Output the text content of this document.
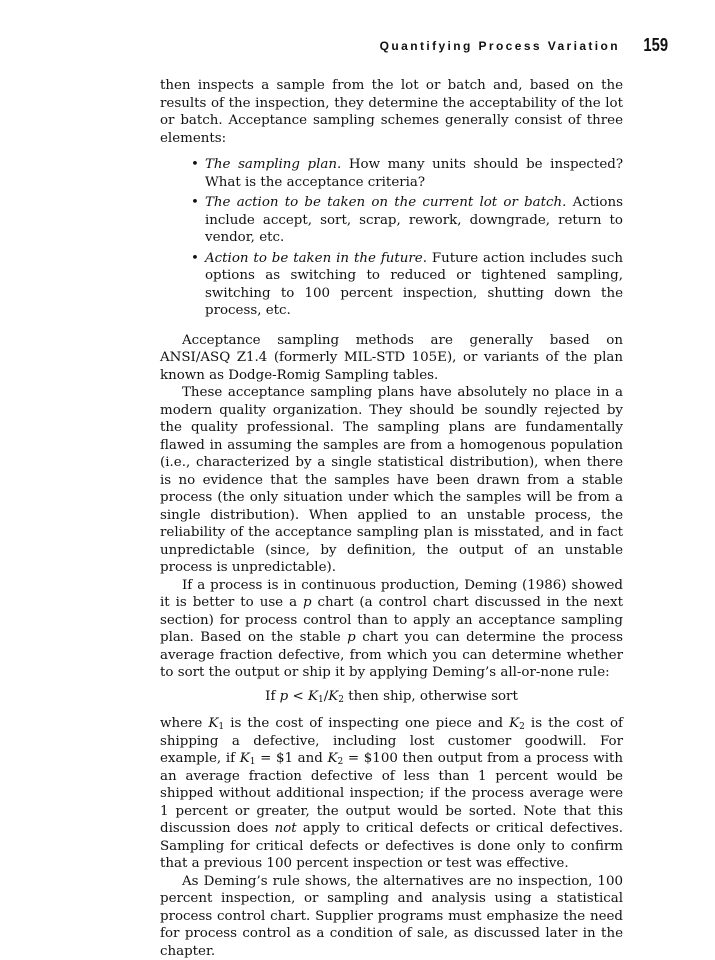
Quantifying Process Variation 159

then inspects a sample from the lot or batch and, based on the results of the inspection, they determine the acceptability of the lot or batch. Acceptance sampling schemes generally consist of three elements:

• The sampling plan. How many units should be inspected? What is the acceptance criteria?
• The action to be taken on the current lot or batch. Actions include accept, sort, scrap, rework, downgrade, return to vendor, etc.
• Action to be taken in the future. Future action includes such options as switching to reduced or tightened sampling, switching to 100 percent inspection, shutting down the process, etc.

Acceptance sampling methods are generally based on ANSI/ASQ Z1.4 (formerly MIL-STD 105E), or variants of the plan known as Dodge-Romig Sampling tables.

These acceptance sampling plans have absolutely no place in a modern quality organization. They should be soundly rejected by the quality professional. The sampling plans are fundamentally flawed in assuming the samples are from a homogenous population (i.e., characterized by a single statistical distribution), when there is no evidence that the samples have been drawn from a stable process (the only situation under which the samples will be from a single distribution). When applied to an unstable process, the reliability of the acceptance sampling plan is misstated, and in fact unpredictable (since, by definition, the output of an unstable process is unpredictable).

If a process is in continuous production, Deming (1986) showed it is better to use a p chart (a control chart discussed in the next section) for process control than to apply an acceptance sampling plan. Based on the stable p chart you can determine the process average fraction defective, from which you can determine whether to sort the output or ship it by applying Deming’s all-or-none rule:

If $p < K_1/K_2$ then ship, otherwise sort

where $K_1$ is the cost of inspecting one piece and $K_2$ is the cost of shipping a defective, including lost customer goodwill. For example, if $K_1$ = $1 and $K_2$ = $100 then output from a process with an average fraction defective of less than 1 percent would be shipped without additional inspection; if the process average were 1 percent or greater, the output would be sorted. Note that this discussion does not apply to critical defects or critical defectives. Sampling for critical defects or defectives is done only to confirm that a previous 100 percent inspection or test was effective.

As Deming’s rule shows, the alternatives are no inspection, 100 percent inspection, or sampling and analysis using a statistical process control chart. Supplier programs must emphasize the need for process control as a condition of sale, as discussed later in the chapter.
